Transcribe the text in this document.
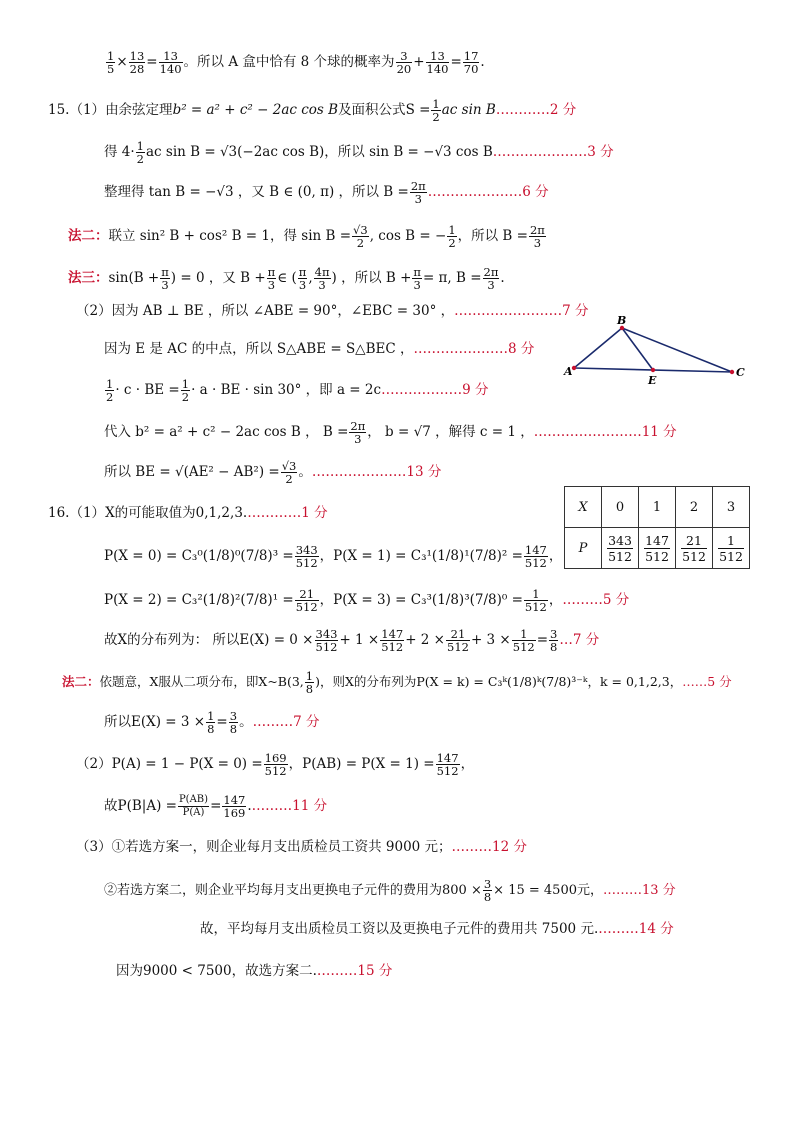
$\frac{1}{5} \times \frac{13}{28} = \frac{13}{140}$ 。所以 A 盒中恰有 8 个球的概率为 $\frac{3}{20} + \frac{13}{140} = \frac{17}{70}$ .
15.（1）由余弦定理b² = a² + c² − 2ac cos B及面积公式$S = \frac{1}{2}$ ac sin B…………2 分
得 $4\cdot \frac{1}{2}$ ac sin B = √3(−2ac cos B)，所以 sin B = −√3 cos B…………………3 分
整理得 tan B = −√3 ，又 B ∈ (0, π) ，所以 $B = \frac{2\pi}{3}$ …………………6 分
法二：联立 sin² B + cos² B = 1，得 $\sin B = \frac{√3}{2}$ , cos B = − $\frac{1}{2}$ ，所以 $B = \frac{2\pi}{3}$
法三：$\sin(B + \frac{\pi}{3}$ ) = 0 ，又 $B + \frac{\pi}{3}$ ∈ ( $\frac{\pi}{3}$ , $\frac{4\pi}{3}$ ) ，所以 $B + \frac{\pi}{3} = \pi$, $B = \frac{2\pi}{3}$ .
（2）因为 AB ⊥ BE ，所以 ∠ABE = 90°，∠EBC = 30° ，……………………7 分
因为 E 是 AC 的中点，所以 S△ABE = S△BEC ，…………………8 分
$\frac{1}{2} \cdot c$ · BE = $\frac{1}{2} \cdot a$ · BE · sin 30° ，即 a = 2c………………9 分
代入 b² = a² + c² − 2ac cos B ， $B = \frac{2\pi}{3}$ ， b = √7 ，解得 c = 1 ，……………………11 分
所以 BE = $√(AE^2 - AB^2) = \frac{√3}{2}$ 。…………………13 分
A
B
C
E
X	0	1	2	3
P	$\frac{343}{512}$	$\frac{147}{512}$	$\frac{21}{512}$	$\frac{1}{512}$
16.（1）X的可能取值为0,1,2,3.…………1 分
$P(X = 0) = C_3^0(1/8)^0(7/8)^3 = \frac{343}{512}$ ，$P(X = 1) = C_3^1(1/8)^1(7/8)^2 = \frac{147}{512}$ ，
$P(X = 2) = C_3^2(1/8)^2(7/8)^1 = \frac{21}{512}$ ，$P(X = 3) = C_3^3(1/8)^3(7/8)^0 = \frac{1}{512}$ ，………5 分
故X的分布列为： 所以$E(X) = 0 \times \frac{343}{512} + 1 \times \frac{147}{512} + 2 \times \frac{21}{512} + 3 \times \frac{1}{512} = \frac{3}{8}$ …7 分
法二：依题意，X服从二项分布，即X~B(3, $\frac{1}{8}$ )，则X的分布列为P(X = k) = C₃ᵏ(1/8)ᵏ(7/8)³⁻ᵏ，k = 0,1,2,3，……5 分
所以$E(X) = 3 \times \frac{1}{8} = \frac{3}{8}$ 。………7 分
$(2)P(A) = 1 - P(X = 0) = \frac{169}{512}$ ，$P(AB) = P(X = 1) = \frac{147}{512}$ ，
故$P(B|A) = \frac{P(AB)}{P(A)} = \frac{147}{169}$ .………11 分
（3）①若选方案一，则企业每月支出质检员工资共 9000 元；………12 分
②若选方案二，则企业平均每月支出更换电子元件的费用为$800 \times \frac{3}{8} \times 15 = 4500$元，………13 分
故，平均每月支出质检员工资以及更换电子元件的费用共 7500 元.………14 分
因为9000 < 7500，故选方案二.………15 分
